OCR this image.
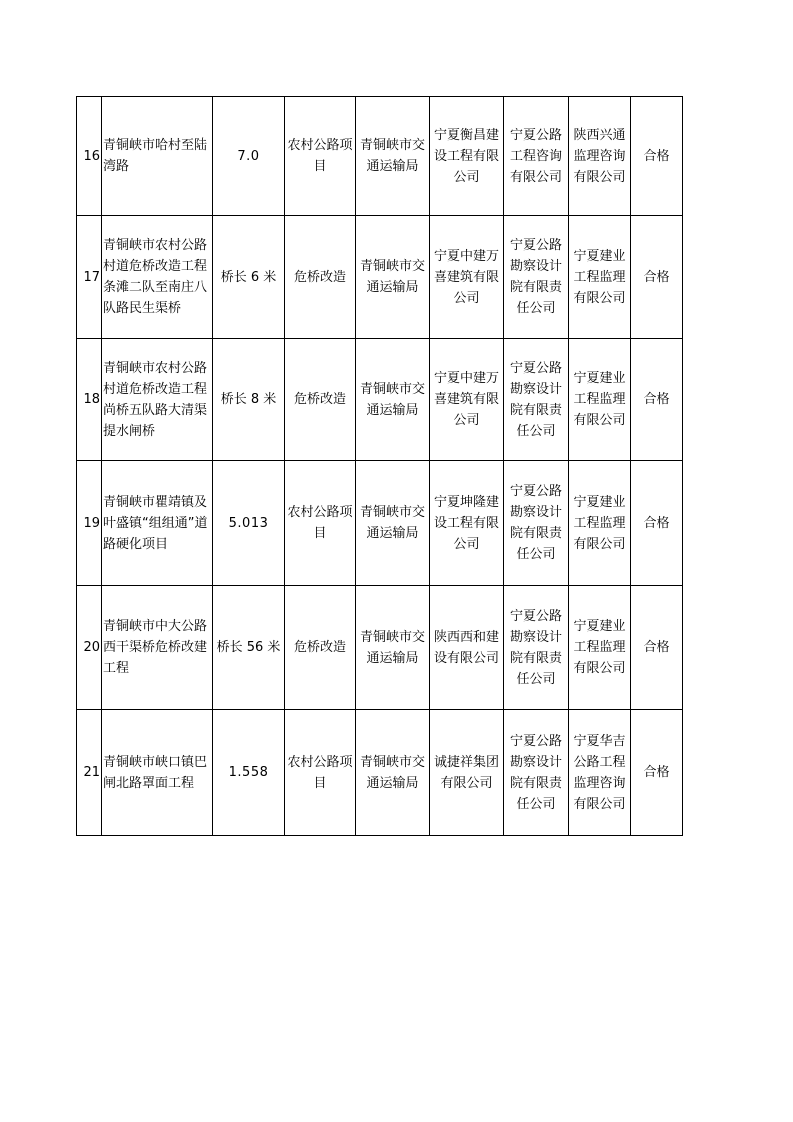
16	青铜峡市哈村至陆湾路	7.0	农村公路项目	青铜峡市交通运输局	宁夏衡昌建设工程有限公司	宁夏公路工程咨询有限公司	陕西兴通监理咨询有限公司	合格
17	青铜峡市农村公路村道危桥改造工程 条滩二队至南庄八队路民生渠桥	桥长 6 米	危桥改造	青铜峡市交通运输局	宁夏中建万喜建筑有限公司	宁夏公路勘察设计院有限责任公司	宁夏建业工程监理有限公司	合格
18	青铜峡市农村公路村道危桥改造工程 尚桥五队路大清渠提水闸桥	桥长 8 米	危桥改造	青铜峡市交通运输局	宁夏中建万喜建筑有限公司	宁夏公路勘察设计院有限责任公司	宁夏建业工程监理有限公司	合格
19	青铜峡市瞿靖镇及叶盛镇“组组通”道路硬化项目	5.013	农村公路项目	青铜峡市交通运输局	宁夏坤隆建设工程有限公司	宁夏公路勘察设计院有限责任公司	宁夏建业工程监理有限公司	合格
20	青铜峡市中大公路西干渠桥危桥改建工程	桥长 56 米	危桥改造	青铜峡市交通运输局	陕西西和建设有限公司	宁夏公路勘察设计院有限责任公司	宁夏建业工程监理有限公司	合格
21	青铜峡市峡口镇巴闸北路罩面工程	1.558	农村公路项目	青铜峡市交通运输局	诚捷祥集团有限公司	宁夏公路勘察设计院有限责任公司	宁夏华吉公路工程监理咨询有限公司	合格
